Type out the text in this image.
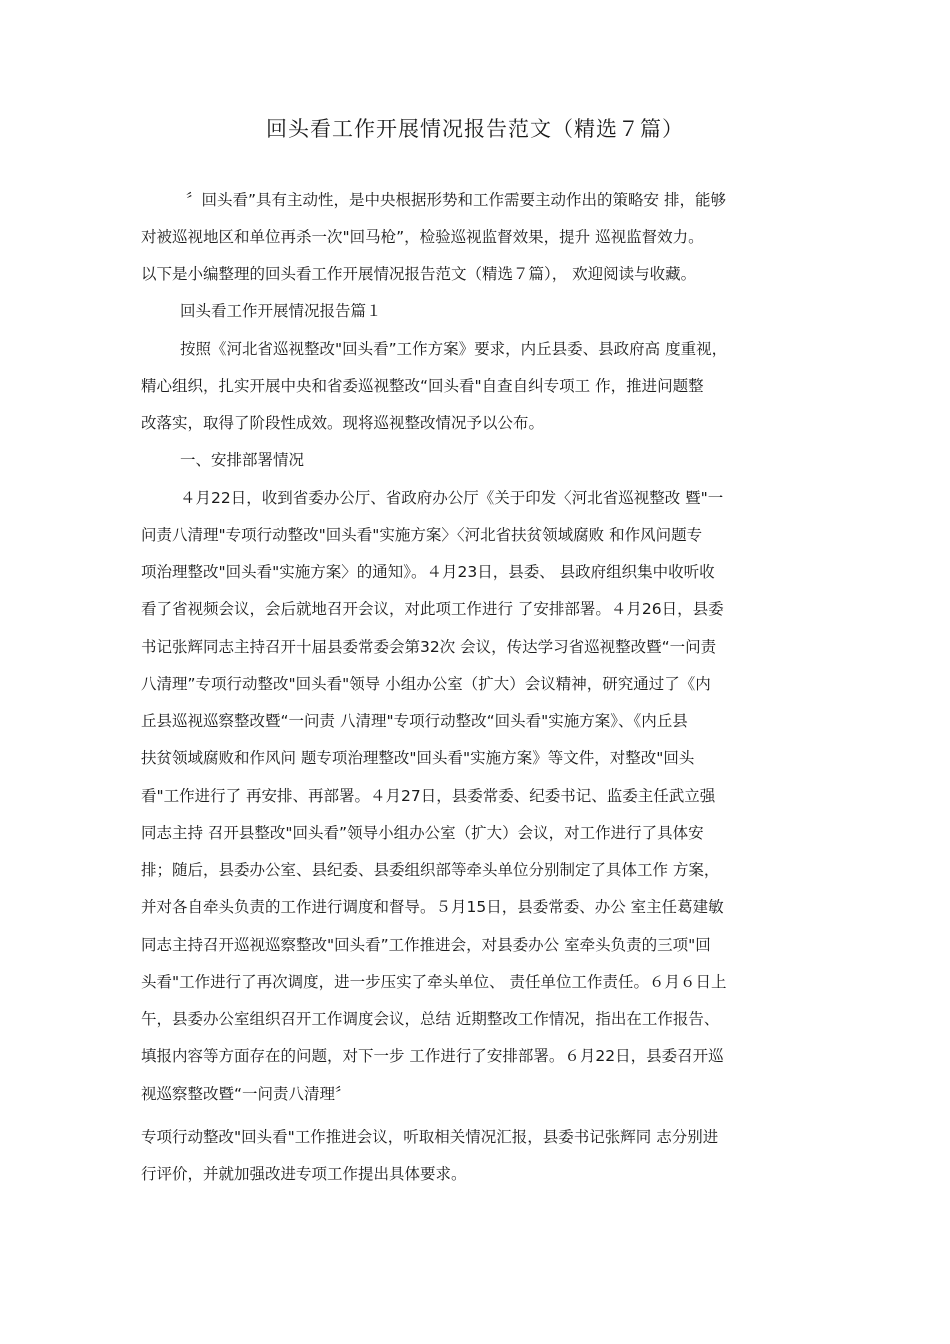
回头看工作开展情况报告范文（精选７篇）
〞回头看”具有主动性，是中央根据形势和工作需要主动作出的策略安 排，能够
对被巡视地区和单位再杀一次"回马枪”，检验巡视监督效果，提升 巡视监督效力。
以下是小编整理的回头看工作开展情况报告范文（精选７篇）， 欢迎阅读与收藏。
回头看工作开展情况报告篇１
按照《河北省巡视整改"回头看”工作方案》要求，内丘县委、县政府高 度重视，
精心组织，扎实开展中央和省委巡视整改“回头看"自查自纠专项工 作，推进问题整
改落实，取得了阶段性成效。现将巡视整改情况予以公布。
一、安排部署情况
４月22日，收到省委办公厅、省政府办公厅《关于印发〈河北省巡视整改 暨"一
问责八清理"专项行动整改"回头看"实施方案〉〈河北省扶贫领域腐败 和作风问题专
项治理整改"回头看"实施方案〉的通知》。４月23日，县委、 县政府组织集中收听收
看了省视频会议，会后就地召开会议，对此项工作进行 了安排部署。４月26日，县委
书记张辉同志主持召开十届县委常委会第32次 会议，传达学习省巡视整改暨“一问责
八清理”专项行动整改"回头看"领导 小组办公室（扩大）会议精神，研究通过了《内
丘县巡视巡察整改暨“一问责 八清理"专项行动整改“回头看"实施方案》、《内丘县
扶贫领域腐败和作风问 题专项治理整改"回头看"实施方案》等文件，对整改"回头
看"工作进行了 再安排、再部署。４月27日，县委常委、纪委书记、监委主任武立强
同志主持 召开县整改"回头看”领导小组办公室（扩大）会议，对工作进行了具体安
排；随后，县委办公室、县纪委、县委组织部等牵头单位分别制定了具体工作 方案，
并对各自牵头负责的工作进行调度和督导。５月15日，县委常委、办公 室主任葛建敏
同志主持召开巡视巡察整改"回头看”工作推进会，对县委办公 室牵头负责的三项"回
头看"工作进行了再次调度，进一步压实了牵头单位、 责任单位工作责任。６月６日上
午，县委办公室组织召开工作调度会议，总结 近期整改工作情况，指出在工作报告、
填报内容等方面存在的问题，对下一步 工作进行了安排部署。６月22日，县委召开巡
视巡察整改暨“一问责八清理〞
专项行动整改"回头看"工作推进会议，听取相关情况汇报，县委书记张辉同 志分别进
行评价，并就加强改进专项工作提出具体要求。
